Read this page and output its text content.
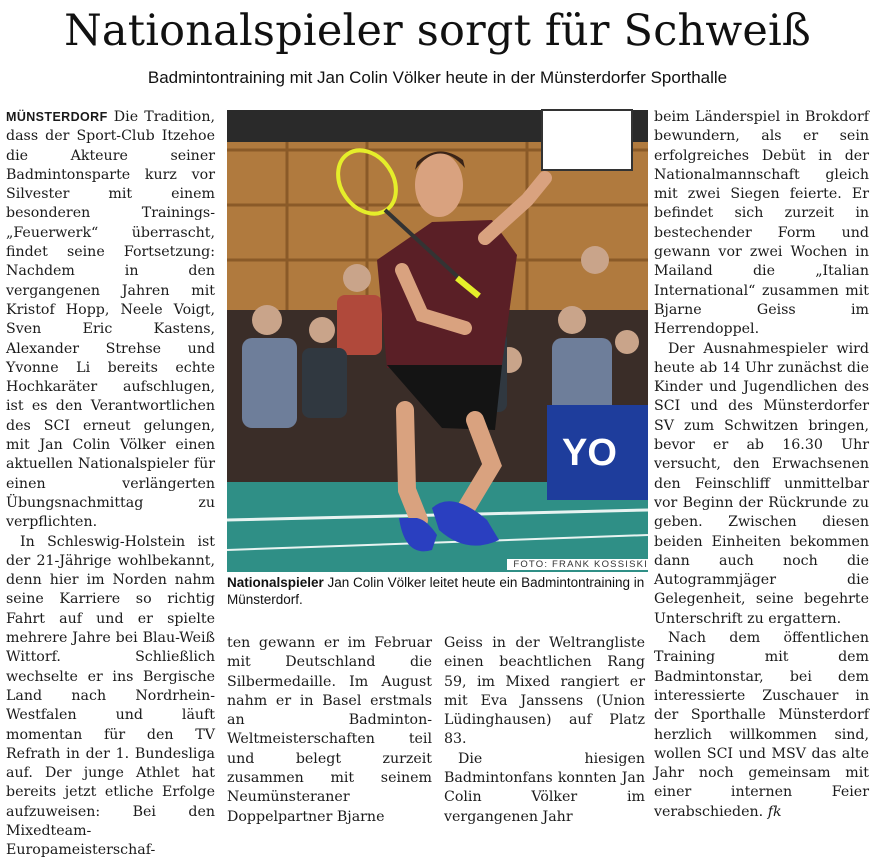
Nationalspieler sorgt für Schweiß
Badmintontraining mit Jan Colin Völker heute in der Münsterdorfer Sporthalle

MÜNSTERDORF Die Tradition, dass der Sport-Club Itzehoe die Akteure seiner Badmintonsparte kurz vor Silvester mit einem besonderen Trainings-„Feuerwerk“ überrascht, findet seine Fortsetzung: Nachdem in den vergangenen Jahren mit Kristof Hopp, Neele Voigt, Sven Eric Kastens, Alexander Strehse und Yvonne Li bereits echte Hochkaräter aufschlugen, ist es den Verantwortlichen des SCI erneut gelungen, mit Jan Colin Völker einen aktuellen Nationalspieler für einen verlängerten Übungsnachmittag zu verpflichten.

In Schleswig-Holstein ist der 21-Jährige wohlbekannt, denn hier im Norden nahm seine Karriere so richtig Fahrt auf und er spielte mehrere Jahre bei Blau-Weiß Wittorf. Schließlich wechselte er ins Bergische Land nach Nordrhein-Westfalen und läuft momentan für den TV Refrath in der 1. Bundesliga auf. Der junge Athlet hat bereits jetzt etliche Erfolge aufzuweisen: Bei den Mixedteam-Europameisterschaf-

YO
FOTO: FRANK KOSSISKI
Nationalspieler Jan Colin Völker leitet heute ein Badmintontraining in Münsterdorf.

ten gewann er im Februar mit Deutschland die Silbermedaille. Im August nahm er in Basel erstmals an Badminton-Weltmeisterschaften teil und belegt zurzeit zusammen mit seinem Neumünsteraner Doppelpartner Bjarne

Geiss in der Weltrangliste einen beachtlichen Rang 59, im Mixed rangiert er mit Eva Janssens (Union Lüdinghausen) auf Platz 83.

Die hiesigen Badmintonfans konnten Jan Colin Völker im vergangenen Jahr

beim Länderspiel in Brokdorf bewundern, als er sein erfolgreiches Debüt in der Nationalmannschaft gleich mit zwei Siegen feierte. Er befindet sich zurzeit in bestechender Form und gewann vor zwei Wochen in Mailand die „Italian International“ zusammen mit Bjarne Geiss im Herrendoppel.

Der Ausnahmespieler wird heute ab 14 Uhr zunächst die Kinder und Jugendlichen des SCI und des Münsterdorfer SV zum Schwitzen bringen, bevor er ab 16.30 Uhr versucht, den Erwachsenen den Feinschliff unmittelbar vor Beginn der Rückrunde zu geben. Zwischen diesen beiden Einheiten bekommen dann auch noch die Autogrammjäger die Gelegenheit, seine begehrte Unterschrift zu ergattern.

Nach dem öffentlichen Training mit dem Badmintonstar, bei dem interessierte Zuschauer in der Sporthalle Münsterdorf herzlich willkommen sind, wollen SCI und MSV das alte Jahr noch gemeinsam mit einer internen Feier verabschieden. fk
